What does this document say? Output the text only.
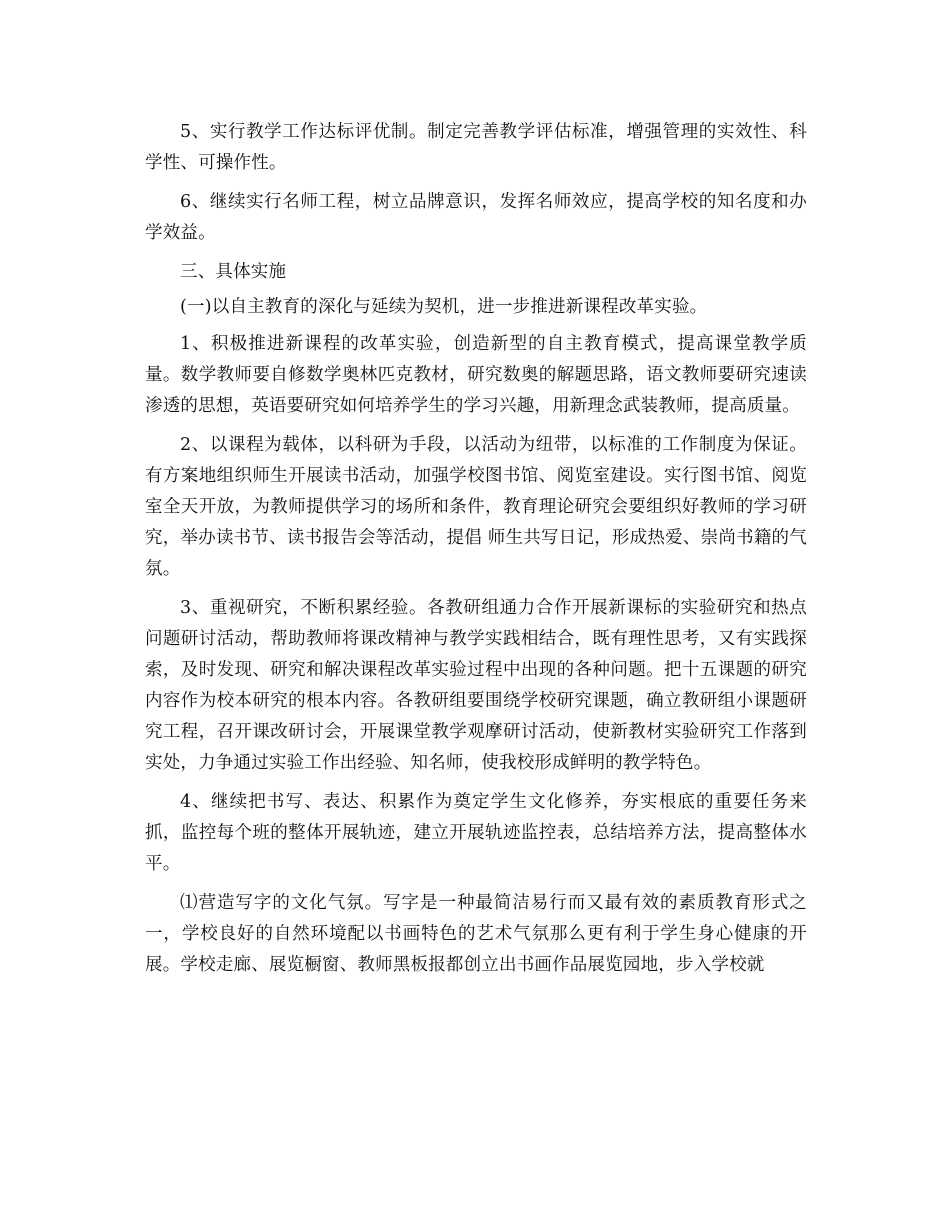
5、实行教学工作达标评优制。制定完善教学评估标准，增强管理的实效性、科学性、可操作性。

6、继续实行名师工程，树立品牌意识，发挥名师效应，提高学校的知名度和办学效益。

三、具体实施

(一)以自主教育的深化与延续为契机，进一步推进新课程改革实验。

1、积极推进新课程的改革实验，创造新型的自主教育模式，提高课堂教学质量。数学教师要自修数学奥林匹克教材，研究数奥的解题思路，语文教师要研究速读渗透的思想，英语要研究如何培养学生的学习兴趣，用新理念武装教师，提高质量。

2、以课程为载体，以科研为手段，以活动为纽带，以标准的工作制度为保证。有方案地组织师生开展读书活动，加强学校图书馆、阅览室建设。实行图书馆、阅览室全天开放，为教师提供学习的场所和条件，教育理论研究会要组织好教师的学习研究，举办读书节、读书报告会等活动，提倡 师生共写日记，形成热爱、崇尚书籍的气氛。

3、重视研究，不断积累经验。各教研组通力合作开展新课标的实验研究和热点问题研讨活动，帮助教师将课改精神与教学实践相结合，既有理性思考，又有实践探索，及时发现、研究和解决课程改革实验过程中出现的各种问题。把十五课题的研究内容作为校本研究的根本内容。各教研组要围绕学校研究课题，确立教研组小课题研究工程，召开课改研讨会，开展课堂教学观摩研讨活动，使新教材实验研究工作落到实处，力争通过实验工作出经验、知名师，使我校形成鲜明的教学特色。

4、继续把书写、表达、积累作为奠定学生文化修养，夯实根底的重要任务来抓，监控每个班的整体开展轨迹，建立开展轨迹监控表，总结培养方法，提高整体水平。

⑴营造写字的文化气氛。写字是一种最简洁易行而又最有效的素质教育形式之一，学校良好的自然环境配以书画特色的艺术气氛那么更有利于学生身心健康的开展。学校走廊、展览橱窗、教师黑板报都创立出书画作品展览园地，步入学校就
